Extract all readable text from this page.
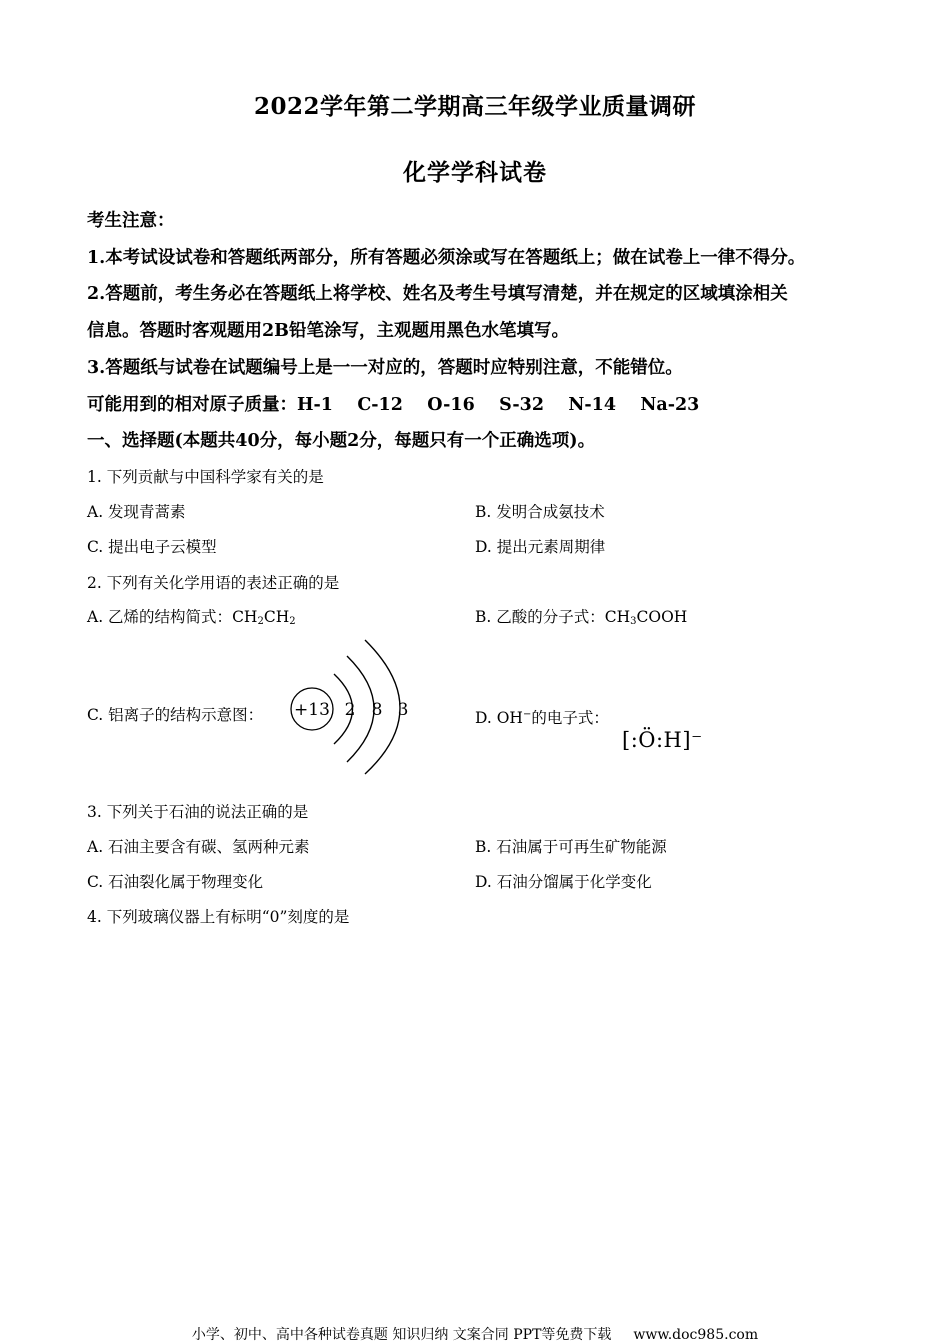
2022学年第二学期高三年级学业质量调研
化学学科试卷
考生注意：
1.本考试设试卷和答题纸两部分，所有答题必须涂或写在答题纸上；做在试卷上一律不得分。
2.答题前，考生务必在答题纸上将学校、姓名及考生号填写清楚，并在规定的区域填涂相关
信息。答题时客观题用2B铅笔涂写，主观题用黑色水笔填写。
3.答题纸与试卷在试题编号上是一一对应的，答题时应特别注意，不能错位。
可能用到的相对原子质量：H-1    C-12    O-16    S-32    N-14    Na-23
一、选择题(本题共40分，每小题2分，每题只有一个正确选项)。
1. 下列贡献与中国科学家有关的是
A. 发现青蒿素	B. 发明合成氨技术
C. 提出电子云模型	D. 提出元素周期律
2. 下列有关化学用语的表述正确的是
A. 乙烯的结构简式：$CH_2CH_2$	B. 乙酸的分子式：$CH_3COOH$
C. 铝离子的结构示意图： +13 2 8 3	D. OH−的电子式：
[:Ö:H]⁻
3. 下列关于石油的说法正确的是
A. 石油主要含有碳、氢两种元素	B. 石油属于可再生矿物能源
C. 石油裂化属于物理变化	D. 石油分馏属于化学变化
4. 下列玻璃仪器上有标明“0”刻度的是
小学、初中、高中各种试卷真题 知识归纳 文案合同 PPT等免费下载 www.doc985.com
